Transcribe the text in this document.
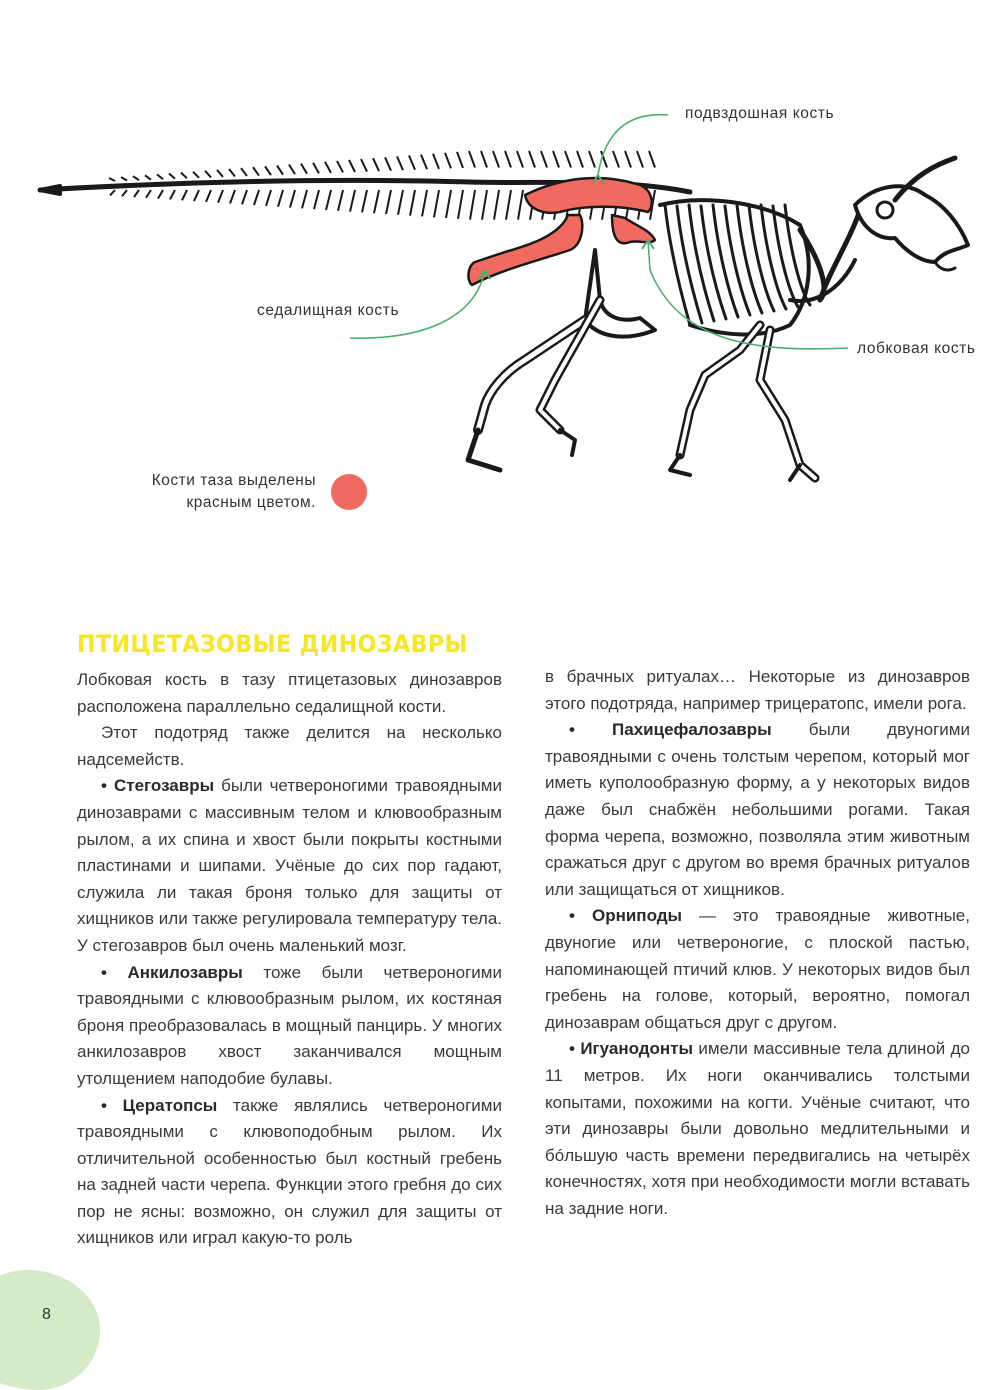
подвздошная кость
седалищная кость
лобковая кость
Кости таза выделены
красным цветом.
ПТИЦЕТАЗОВЫЕ ДИНОЗАВРЫ

Лобковая кость в тазу птицетазовых динозавров расположена параллельно седалищной кости.

Этот подотряд также делится на несколько надсемейств.

• Стегозавры были четвероногими травоядными динозаврами с массивным телом и клювообразным рылом, а их спина и хвост были покрыты костными пластинами и шипами. Учёные до сих пор гадают, служила ли такая броня только для защиты от хищников или также регулировала температуру тела. У стегозавров был очень маленький мозг.

• Анкилозавры тоже были четвероногими травоядными с клювообразным рылом, их костяная броня преобразовалась в мощный панцирь. У многих анкилозавров хвост заканчивался мощным утолщением наподобие булавы.

• Цератопсы также являлись четвероногими травоядными с клювоподобным рылом. Их отличительной особенностью был костный гребень на задней части черепа. Функции этого гребня до сих пор не ясны: возможно, он служил для защиты от хищников или играл какую-то роль

в брачных ритуалах… Некоторые из динозавров этого подотряда, например трицератопс, имели рога.

• Пахицефалозавры были двуногими травоядными с очень толстым черепом, который мог иметь куполообразную форму, а у некоторых видов даже был снабжён небольшими рогами. Такая форма черепа, возможно, позволяла этим животным сражаться друг с другом во время брачных ритуалов или защищаться от хищников.

• Орниподы — это травоядные животные, двуногие или четвероногие, с плоской пастью, напоминающей птичий клюв. У некоторых видов был гребень на голове, который, вероятно, помогал динозаврам общаться друг с другом.

• Игуанодонты имели массивные тела длиной до 11 метров. Их ноги оканчивались толстыми копытами, похожими на когти. Учёные считают, что эти динозавры были довольно медлительными и бóльшую часть времени передвигались на четырёх конечностях, хотя при необходимости могли вставать на задние ноги.

8
